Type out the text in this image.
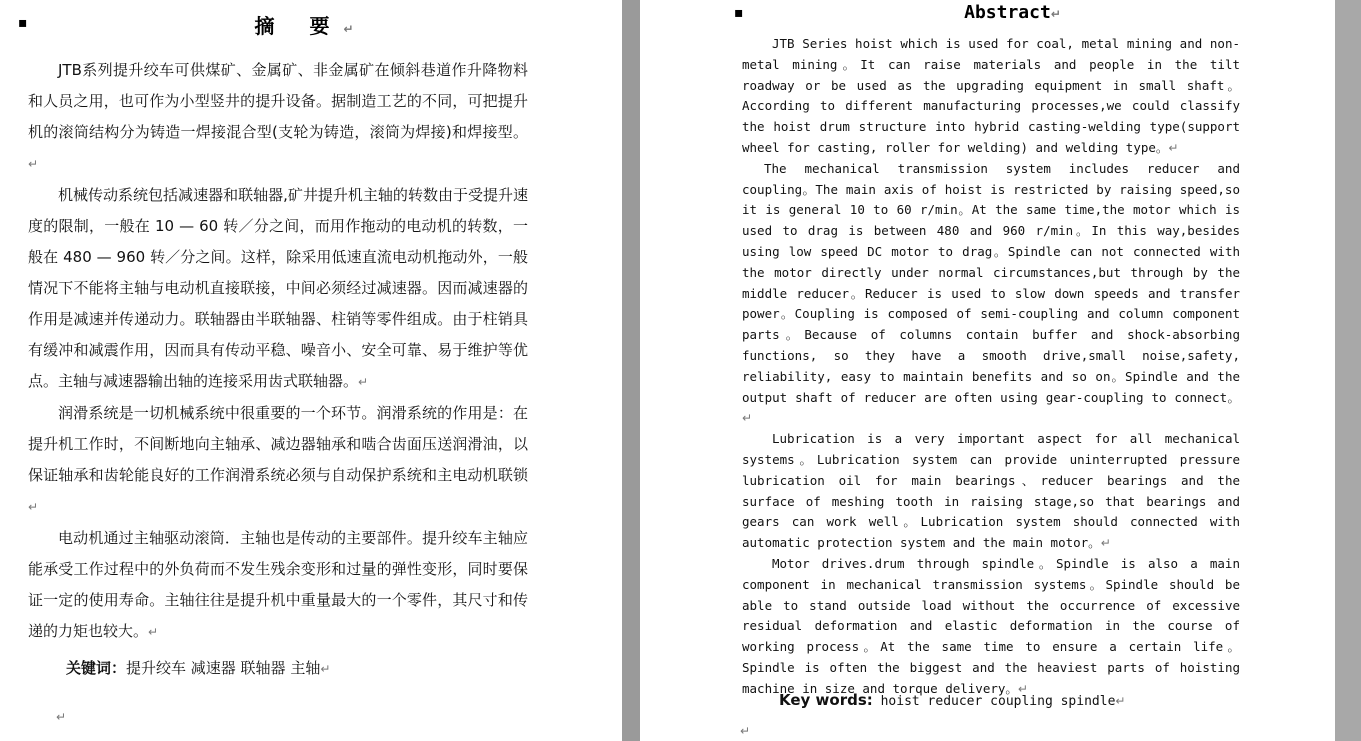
▪	摘 要↵

JTB系列提升绞车可供煤矿、金属矿、非金属矿在倾斜巷道作升降物料和人员之用，也可作为小型竖井的提升设备。据制造工艺的不同，可把提升机的滚筒结构分为铸造一焊接混合型(支轮为铸造，滚筒为焊接)和焊接型。↵

机械传动系统包括减速器和联轴器,矿井提升机主轴的转数由于受提升速度的限制，一般在 10 — 60 转／分之间，而用作拖动的电动机的转数，一般在 480 — 960 转／分之间。这样，除采用低速直流电动机拖动外，一般情况下不能将主轴与电动机直接联接，中间必须经过减速器。因而减速器的作用是减速并传递动力。联轴器由半联轴器、柱销等零件组成。由于柱销具有缓冲和减震作用，因而具有传动平稳、噪音小、安全可靠、易于维护等优点。主轴与减速器输出轴的连接采用齿式联轴器。↵

润滑系统是一切机械系统中很重要的一个环节。润滑系统的作用是：在提升机工作时，不间断地向主轴承、减边器轴承和啮合齿面压送润滑油，以保证轴承和齿轮能良好的工作润滑系统必须与自动保护系统和主电动机联锁↵

电动机通过主轴驱动滚筒．主轴也是传动的主要部件。提升绞车主轴应能承受工作过程中的外负荷而不发生残余变形和过量的弹性变形，同时要保证一定的使用寿命。主轴往往是提升机中重量最大的一个零件，其尺寸和传递的力矩也较大。↵

关键词：提升绞车 减速器 联轴器 主轴↵
↵
▪

JTB Series hoist which is used for coal, metal mining and non-metal mining。It can raise materials and people in the tilt roadway or be used as the upgrading equipment in small shaft。According to different manufacturing processes,we could classify the hoist drum structure into hybrid casting-welding type(support wheel for casting, roller for welding) and welding type。↵

The mechanical transmission system includes reducer and coupling。The main axis of hoist is restricted by raising speed,so it is general 10 to 60 r/min。At the same time,the motor which is used to drag is between 480 and 960 r/min。In this way,besides using low speed DC motor to drag。Spindle can not connected with the motor directly under normal circumstances,but through by the middle reducer。Reducer is used to slow down speeds and transfer power。Coupling is composed of semi-coupling and column component parts。Because of columns contain buffer and shock-absorbing functions, so they have a smooth drive,small noise,safety, reliability, easy to maintain benefits and so on。Spindle and the output shaft of reducer are often using gear-coupling to connect。↵

Lubrication is a very important aspect for all mechanical systems。Lubrication system can provide uninterrupted pressure lubrication oil for main bearings、reducer bearings and the surface of meshing tooth in raising stage,so that bearings and gears can work well。Lubrication system should connected with automatic protection system and the main motor。↵

Motor drives.drum through spindle。Spindle is also a main component in mechanical transmission systems。Spindle should be able to stand outside load without the occurrence of excessive residual deformation and elastic deformation in the course of working process。At the same time to ensure a certain life。Spindle is often the biggest and the heaviest parts of hoisting machine in size and torque delivery。↵

Key words: hoist reducer coupling spindle↵
↵
Abstract↵
